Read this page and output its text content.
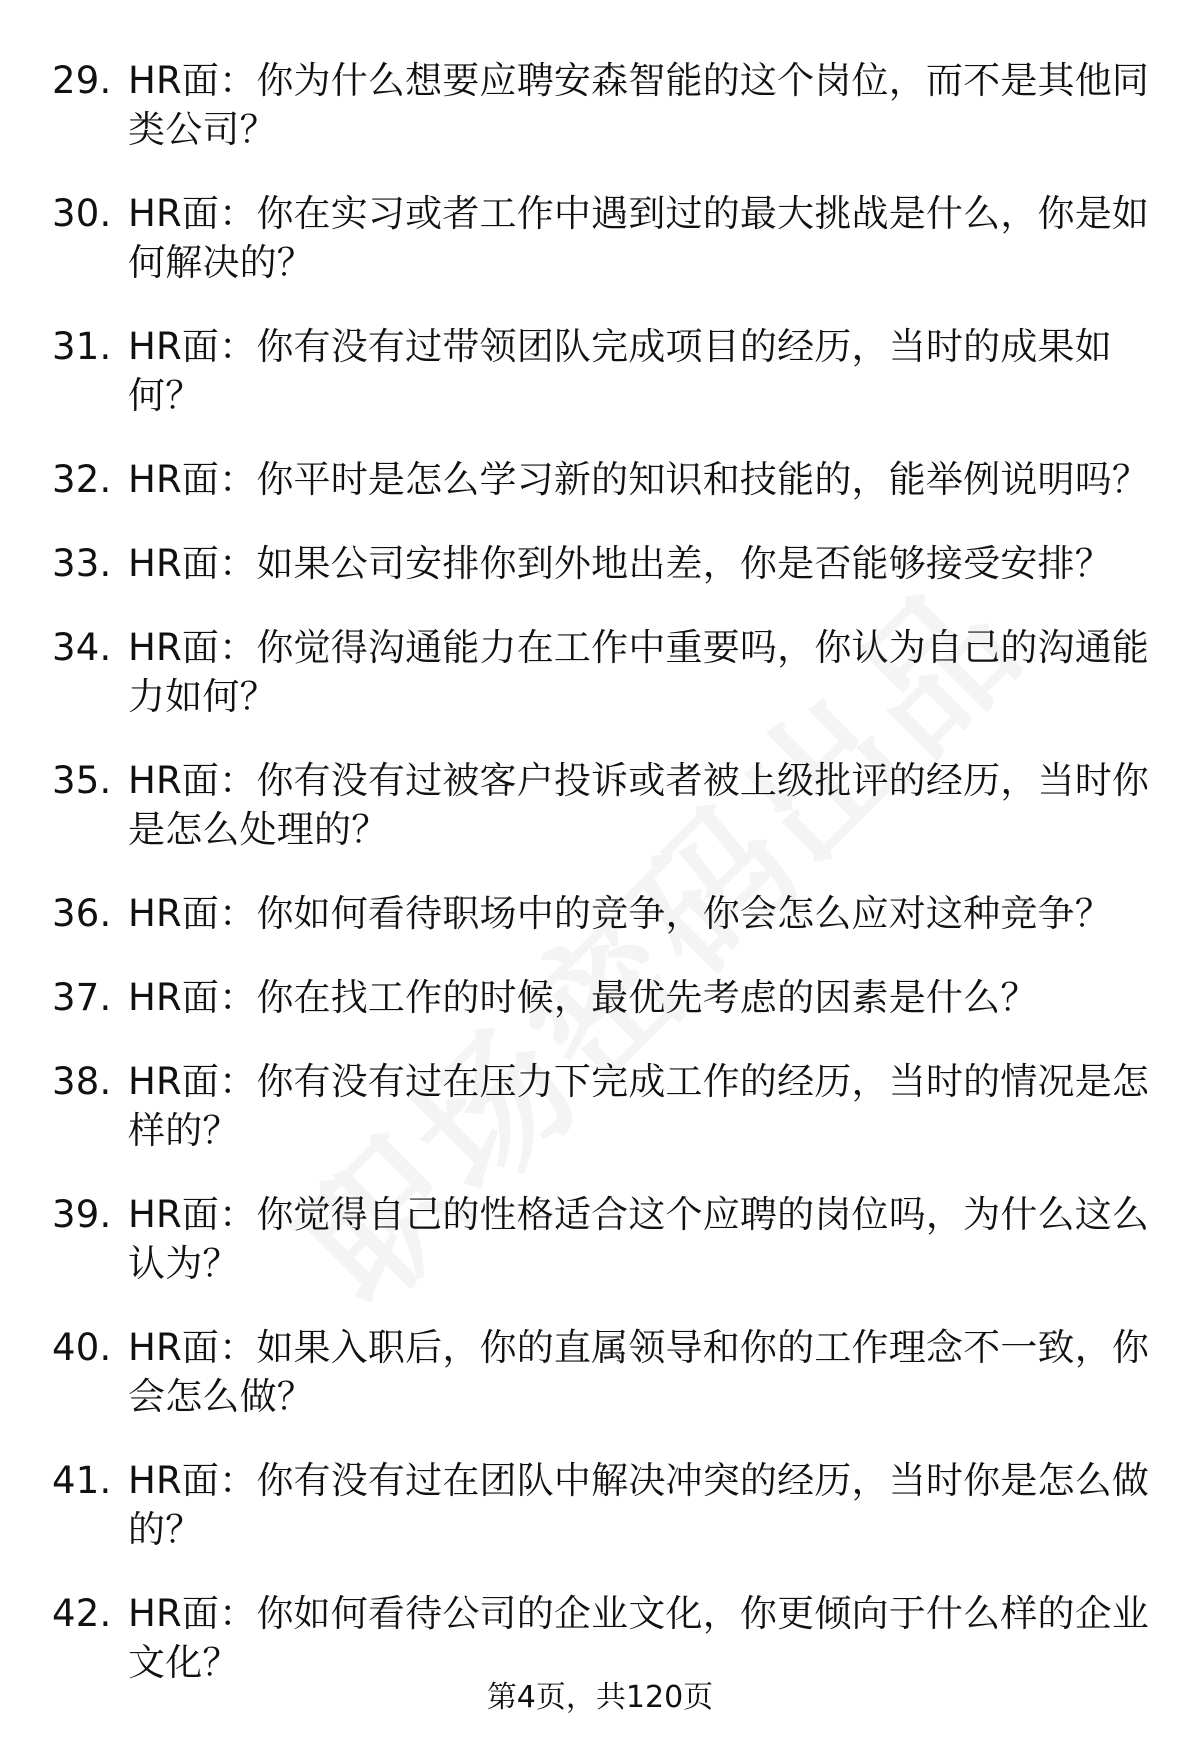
29. HR面：你为什么想要应聘安森智能的这个岗位，而不是其他同类公司？
30. HR面：你在实习或者工作中遇到过的最大挑战是什么，你是如何解决的？
31. HR面：你有没有过带领团队完成项目的经历，当时的成果如何？
32. HR面：你平时是怎么学习新的知识和技能的，能举例说明吗？
33. HR面：如果公司安排你到外地出差，你是否能够接受安排？
34. HR面：你觉得沟通能力在工作中重要吗，你认为自己的沟通能力如何？
35. HR面：你有没有过被客户投诉或者被上级批评的经历，当时你是怎么处理的？
36. HR面：你如何看待职场中的竞争，你会怎么应对这种竞争？
37. HR面：你在找工作的时候，最优先考虑的因素是什么？
38. HR面：你有没有过在压力下完成工作的经历，当时的情况是怎样的？
39. HR面：你觉得自己的性格适合这个应聘的岗位吗，为什么这么认为？
40. HR面：如果入职后，你的直属领导和你的工作理念不一致，你会怎么做？
41. HR面：你有没有过在团队中解决冲突的经历，当时你是怎么做的？
42. HR面：你如何看待公司的企业文化，你更倾向于什么样的企业文化？
第4页，共120页
